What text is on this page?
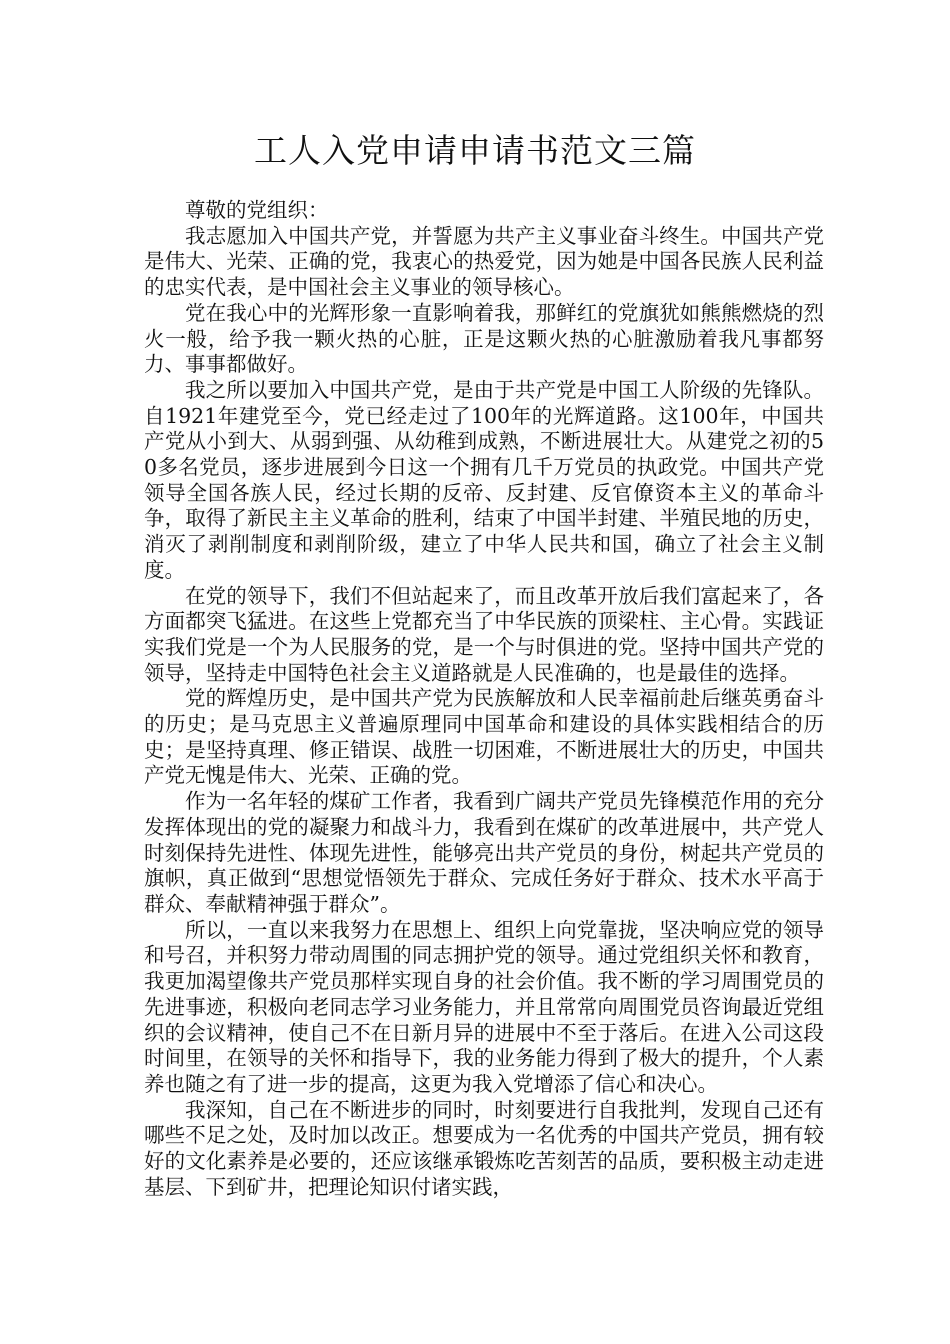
工人入党申请申请书范文三篇

尊敬的党组织：

我志愿加入中国共产党，并誓愿为共产主义事业奋斗终生。中国共产党是伟大、光荣、正确的党，我衷心的热爱党，因为她是中国各民族人民利益的忠实代表，是中国社会主义事业的领导核心。

党在我心中的光辉形象一直影响着我，那鲜红的党旗犹如熊熊燃烧的烈火一般，给予我一颗火热的心脏，正是这颗火热的心脏激励着我凡事都努力、事事都做好。

我之所以要加入中国共产党，是由于共产党是中国工人阶级的先锋队。自1921年建党至今，党已经走过了100年的光辉道路。这100年，中国共产党从小到大、从弱到强、从幼稚到成熟，不断进展壮大。从建党之初的50多名党员，逐步进展到今日这一个拥有几千万党员的执政党。中国共产党领导全国各族人民，经过长期的反帝、反封建、反官僚资本主义的革命斗争，取得了新民主主义革命的胜利，结束了中国半封建、半殖民地的历史，消灭了剥削制度和剥削阶级，建立了中华人民共和国，确立了社会主义制度。

在党的领导下，我们不但站起来了，而且改革开放后我们富起来了，各方面都突飞猛进。在这些上党都充当了中华民族的顶梁柱、主心骨。实践证实我们党是一个为人民服务的党，是一个与时俱进的党。坚持中国共产党的领导，坚持走中国特色社会主义道路就是人民准确的，也是最佳的选择。

党的辉煌历史，是中国共产党为民族解放和人民幸福前赴后继英勇奋斗的历史；是马克思主义普遍原理同中国革命和建设的具体实践相结合的历史；是坚持真理、修正错误、战胜一切困难，不断进展壮大的历史，中国共产党无愧是伟大、光荣、正确的党。

作为一名年轻的煤矿工作者，我看到广阔共产党员先锋模范作用的充分发挥体现出的党的凝聚力和战斗力，我看到在煤矿的改革进展中，共产党人时刻保持先进性、体现先进性，能够亮出共产党员的身份，树起共产党员的旗帜，真正做到“思想觉悟领先于群众、完成任务好于群众、技术水平高于群众、奉献精神强于群众”。

所以，一直以来我努力在思想上、组织上向党靠拢，坚决响应党的领导和号召，并积努力带动周围的同志拥护党的领导。通过党组织关怀和教育，我更加渴望像共产党员那样实现自身的社会价值。我不断的学习周围党员的先进事迹，积极向老同志学习业务能力，并且常常向周围党员咨询最近党组织的会议精神，使自己不在日新月异的进展中不至于落后。在进入公司这段时间里，在领导的关怀和指导下，我的业务能力得到了极大的提升，个人素养也随之有了进一步的提高，这更为我入党增添了信心和决心。

我深知，自己在不断进步的同时，时刻要进行自我批判，发现自己还有哪些不足之处，及时加以改正。想要成为一名优秀的中国共产党员，拥有较好的文化素养是必要的，还应该继承锻炼吃苦刻苦的品质，要积极主动走进基层、下到矿井，把理论知识付诸实践，
